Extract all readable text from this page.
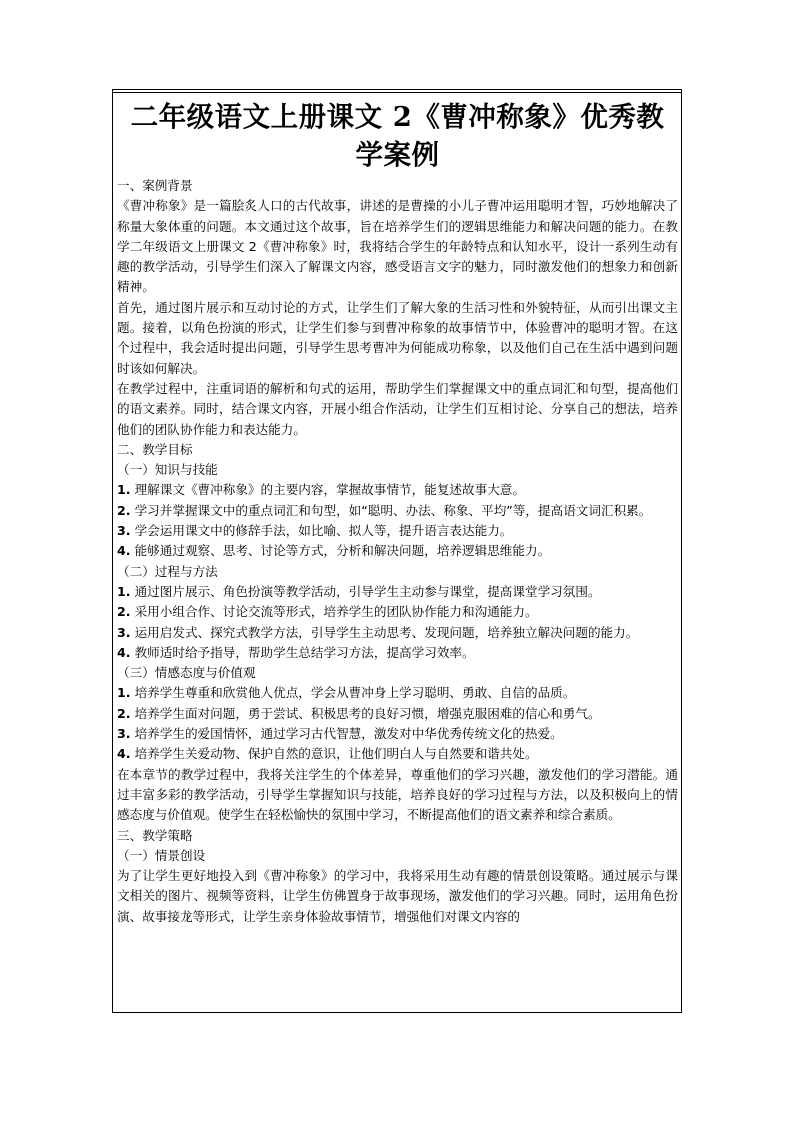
二年级语文上册课文 2《曹冲称象》优秀教学案例

一、案例背景

《曹冲称象》是一篇脍炙人口的古代故事，讲述的是曹操的小儿子曹冲运用聪明才智，巧妙地解决了称量大象体重的问题。本文通过这个故事，旨在培养学生们的逻辑思维能力和解决问题的能力。在教学二年级语文上册课文 2《曹冲称象》时，我将结合学生的年龄特点和认知水平，设计一系列生动有趣的教学活动，引导学生们深入了解课文内容，感受语言文字的魅力，同时激发他们的想象力和创新精神。

首先，通过图片展示和互动讨论的方式，让学生们了解大象的生活习性和外貌特征，从而引出课文主题。接着，以角色扮演的形式，让学生们参与到曹冲称象的故事情节中，体验曹冲的聪明才智。在这个过程中，我会适时提出问题，引导学生思考曹冲为何能成功称象，以及他们自己在生活中遇到问题时该如何解决。

在教学过程中，注重词语的解析和句式的运用，帮助学生们掌握课文中的重点词汇和句型，提高他们的语文素养。同时，结合课文内容，开展小组合作活动，让学生们互相讨论、分享自己的想法，培养他们的团队协作能力和表达能力。

二、教学目标

（一）知识与技能

1. 理解课文《曹冲称象》的主要内容，掌握故事情节，能复述故事大意。

2. 学习并掌握课文中的重点词汇和句型，如“聪明、办法、称象、平均”等，提高语文词汇积累。

3. 学会运用课文中的修辞手法，如比喻、拟人等，提升语言表达能力。

4. 能够通过观察、思考、讨论等方式，分析和解决问题，培养逻辑思维能力。

（二）过程与方法

1. 通过图片展示、角色扮演等教学活动，引导学生主动参与课堂，提高课堂学习氛围。

2. 采用小组合作、讨论交流等形式，培养学生的团队协作能力和沟通能力。

3. 运用启发式、探究式教学方法，引导学生主动思考、发现问题，培养独立解决问题的能力。

4. 教师适时给予指导，帮助学生总结学习方法，提高学习效率。

（三）情感态度与价值观

1. 培养学生尊重和欣赏他人优点，学会从曹冲身上学习聪明、勇敢、自信的品质。

2. 培养学生面对问题，勇于尝试、积极思考的良好习惯，增强克服困难的信心和勇气。

3. 培养学生的爱国情怀，通过学习古代智慧，激发对中华优秀传统文化的热爱。

4. 培养学生关爱动物、保护自然的意识，让他们明白人与自然要和谐共处。

在本章节的教学过程中，我将关注学生的个体差异，尊重他们的学习兴趣，激发他们的学习潜能。通过丰富多彩的教学活动，引导学生掌握知识与技能，培养良好的学习过程与方法，以及积极向上的情感态度与价值观。使学生在轻松愉快的氛围中学习，不断提高他们的语文素养和综合素质。

三、教学策略

（一）情景创设

为了让学生更好地投入到《曹冲称象》的学习中，我将采用生动有趣的情景创设策略。通过展示与课文相关的图片、视频等资料，让学生仿佛置身于故事现场，激发他们的学习兴趣。同时，运用角色扮演、故事接龙等形式，让学生亲身体验故事情节，增强他们对课文内容的
